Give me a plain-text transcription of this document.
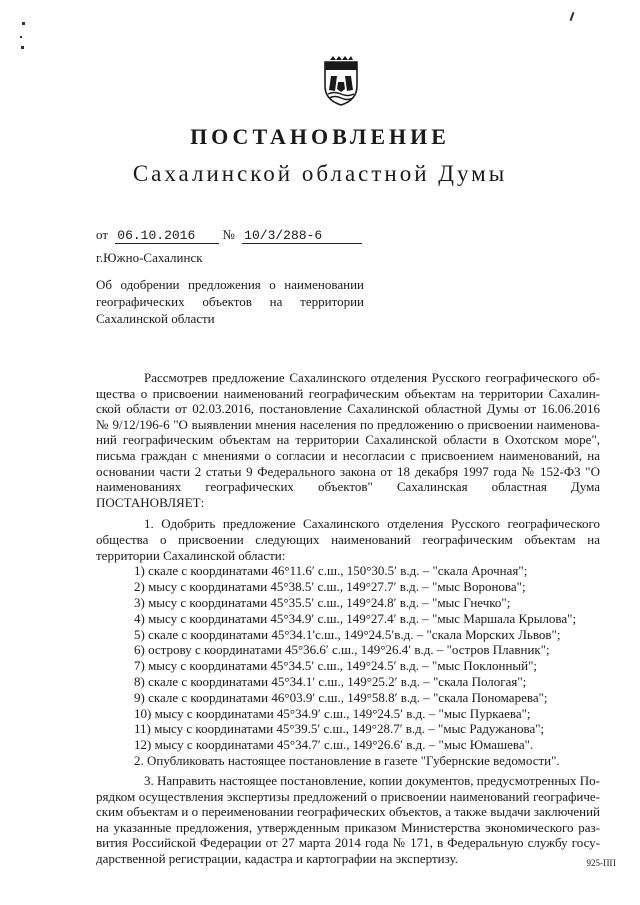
ПОСТАНОВЛЕНИЕ
Сахалинской областной Думы
от 06.10.2016 № 10/3/288-6
г.Южно-Сахалинск
Об одобрении предложения о наименовании
географических объектов на территории
Сахалинской области
Рассмотрев предложение Сахалинского отделения Русского географического об-
щества о присвоении наименований географическим объектам на территории Сахалин-
ской области от 02.03.2016, постановление Сахалинской областной Думы от 16.06.2016
№ 9/12/196-6 "О выявлении мнения населения по предложению о присвоении наименова-
ний географическим объектам на территории Сахалинской области в Охотском море",
письма граждан с мнениями о согласии и несогласии с присвоением наименований, на
основании части 2 статьи 9 Федерального закона от 18 декабря 1997 года № 152-ФЗ "О
наименованиях географических объектов" Сахалинская областная Дума
ПОСТАНОВЛЯЕТ:
1. Одобрить предложение Сахалинского отделения Русского географического
общества о присвоении следующих наименований географическим объектам на
территории Сахалинской области:
1) скале с координатами 46°11.6′ с.ш., 150°30.5′ в.д. – "скала Арочная";
2) мысу с координатами 45°38.5′ с.ш., 149°27.7′ в.д. – "мыс Воронова";
3) мысу с координатами 45°35.5′ с.ш., 149°24.8′ в.д. – "мыс Гнечко";
4) мысу с координатами 45°34.9′ с.ш., 149°27.4′ в.д. – "мыс Маршала Крылова";
5) скале с координатами 45°34.1′с.ш., 149°24.5′в.д. – "скала Морских Львов";
6) острову с координатами 45°36.6′ с.ш., 149°26.4′ в.д. – "остров Плавник";
7) мысу с координатами 45°34.5′ с.ш., 149°24.5′ в.д. – "мыс Поклонный";
8) скале с координатами 45°34.1′ с.ш., 149°25.2′ в.д. – "скала Пологая";
9) скале с координатами 46°03.9′ с.ш., 149°58.8′ в.д. – "скала Пономарева";
10) мысу с координатами 45°34.9′ с.ш., 149°24.5′ в.д. – "мыс Пуркаева";
11) мысу с координатами 45°39.5′ с.ш., 149°28.7′ в.д. – "мыс Радужанова";
12) мысу с координатами 45°34.7′ с.ш., 149°26.6′ в.д. – "мыс Юмашева".
2. Опубликовать настоящее постановление в газете "Губернские ведомости".
3. Направить настоящее постановление, копии документов, предусмотренных По-
рядком осуществления экспертизы предложений о присвоении наименований географиче-
ским объектам и о переименовании географических объектов, а также выдачи заключений
на указанные предложения, утвержденным приказом Министерства экономического раз-
вития Российской Федерации от 27 марта 2014 года № 171, в Федеральную службу госу-
дарственной регистрации, кадастра и картографии на экспертизу.	925-ПП
